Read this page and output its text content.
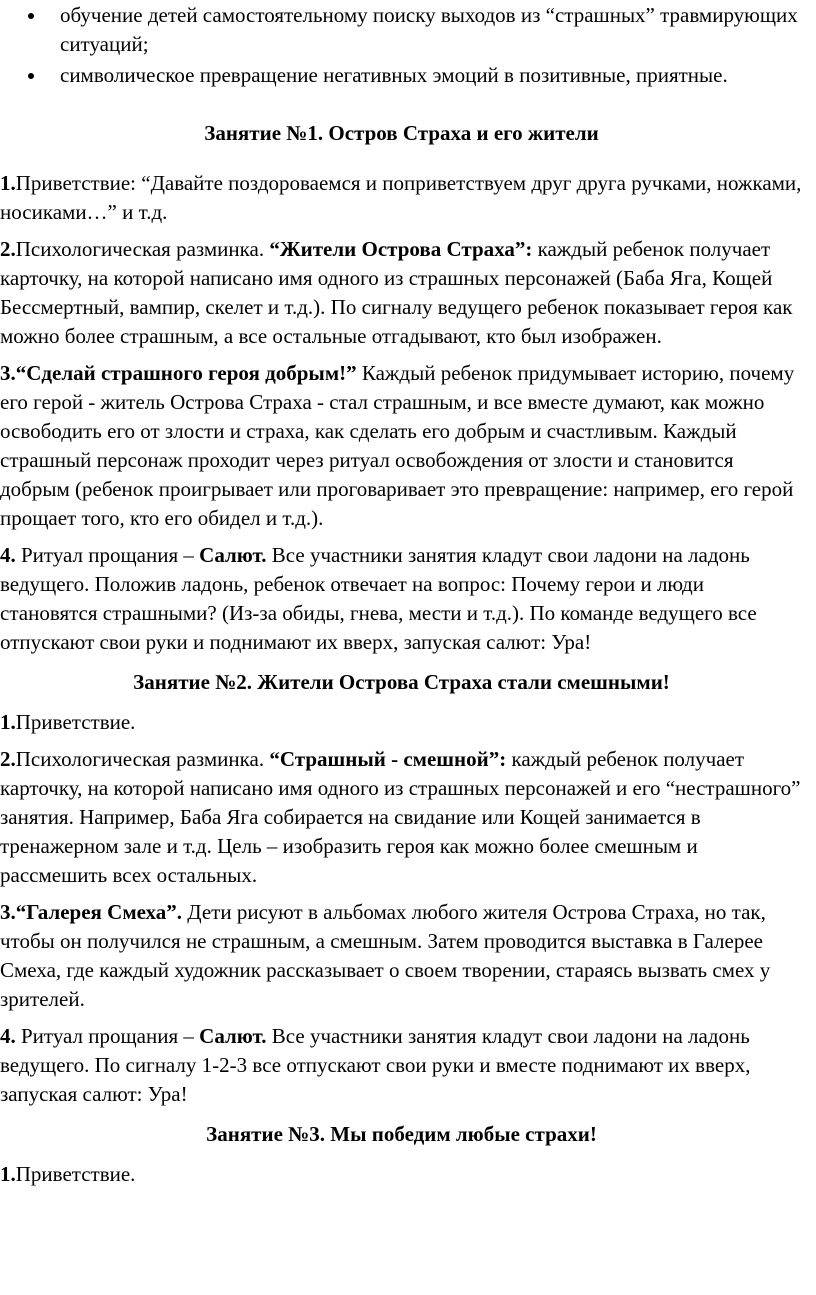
обучение детей самостоятельному поиску выходов из “страшных” травмирующих ситуаций;
символическое превращение негативных эмоций в позитивные, приятные.
Занятие №1. Остров Страха и его жители

1.Приветствие: “Давайте поздороваемся и поприветствуем друг друга ручками, ножками, носиками…” и т.д.

2.Психологическая разминка. “Жители Острова Страха”: каждый ребенок получает карточку, на которой написано имя одного из страшных персонажей (Баба Яга, Кощей Бессмертный, вампир, скелет и т.д.). По сигналу ведущего ребенок показывает героя как можно более страшным, а все остальные отгадывают, кто был изображен.

3.“Сделай страшного героя добрым!” Каждый ребенок придумывает историю, почему его герой - житель Острова Страха - стал страшным, и все вместе думают, как можно освободить его от злости и страха, как сделать его добрым и счастливым. Каждый страшный персонаж проходит через ритуал освобождения от злости и становится добрым (ребенок проигрывает или проговаривает это превращение: например, его герой прощает того, кто его обидел и т.д.).

4. Ритуал прощания – Салют. Все участники занятия кладут свои ладони на ладонь ведущего. Положив ладонь, ребенок отвечает на вопрос: Почему герои и люди становятся страшными? (Из-за обиды, гнева, мести и т.д.). По команде ведущего все отпускают свои руки и поднимают их вверх, запуская салют: Ура!

Занятие №2. Жители Острова Страха стали смешными!

1.Приветствие.

2.Психологическая разминка. “Страшный - смешной”: каждый ребенок получает карточку, на которой написано имя одного из страшных персонажей и его “нестрашного” занятия. Например, Баба Яга собирается на свидание или Кощей занимается в тренажерном зале и т.д. Цель – изобразить героя как можно более смешным и рассмешить всех остальных.

3.“Галерея Смеха”. Дети рисуют в альбомах любого жителя Острова Страха, но так, чтобы он получился не страшным, а смешным. Затем проводится выставка в Галерее Смеха, где каждый художник рассказывает о своем творении, стараясь вызвать смех у зрителей.

4. Ритуал прощания – Салют. Все участники занятия кладут свои ладони на ладонь ведущего. По сигналу 1-2-3 все отпускают свои руки и вместе поднимают их вверх, запуская салют: Ура!

Занятие №3. Мы победим любые страхи!

1.Приветствие.
